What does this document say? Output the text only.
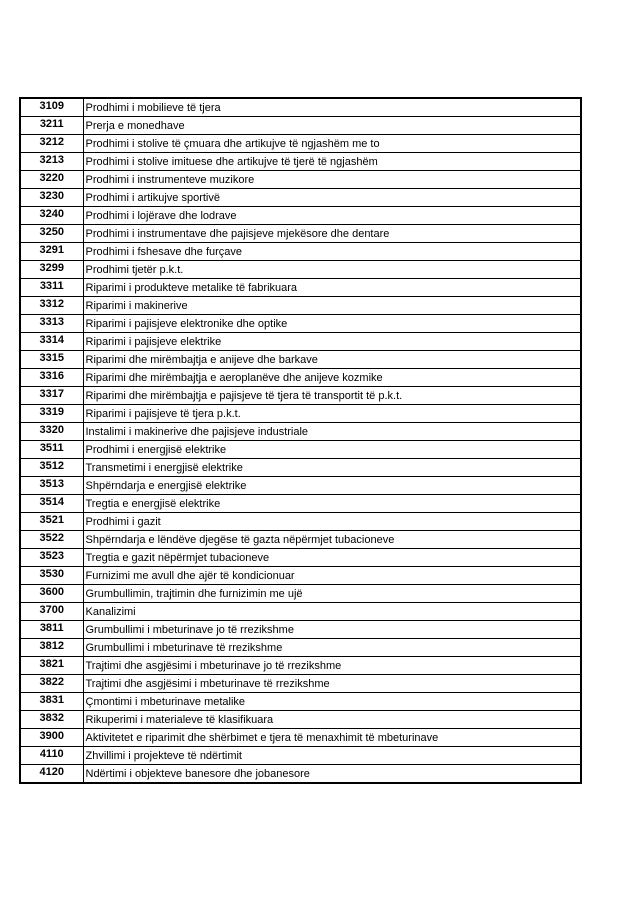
3109	Prodhimi i mobilieve të tjera
3211	Prerja e monedhave
3212	Prodhimi i stolive të çmuara dhe artikujve të ngjashëm me to
3213	Prodhimi i stolive imituese dhe artikujve të tjerë të ngjashëm
3220	Prodhimi i instrumenteve muzikore
3230	Prodhimi i artikujve sportivë
3240	Prodhimi i lojërave dhe lodrave
3250	Prodhimi i instrumentave dhe pajisjeve mjekësore dhe dentare
3291	Prodhimi i fshesave dhe furçave
3299	Prodhimi tjetër p.k.t.
3311	Riparimi i produkteve metalike të fabrikuara
3312	Riparimi i makinerive
3313	Riparimi i pajisjeve elektronike dhe optike
3314	Riparimi i pajisjeve elektrike
3315	Riparimi dhe mirëmbajtja e anijeve dhe barkave
3316	Riparimi dhe mirëmbajtja e aeroplanëve dhe anijeve kozmike
3317	Riparimi dhe mirëmbajtja e pajisjeve të tjera të transportit të p.k.t.
3319	Riparimi i pajisjeve të tjera p.k.t.
3320	Instalimi i makinerive dhe pajisjeve industriale
3511	Prodhimi i energjisë elektrike
3512	Transmetimi i energjisë elektrike
3513	Shpërndarja e energjisë elektrike
3514	Tregtia e energjisë elektrike
3521	Prodhimi i gazit
3522	Shpërndarja e lëndëve djegëse të gazta nëpërmjet tubacioneve
3523	Tregtia e gazit nëpërmjet tubacioneve
3530	Furnizimi me avull dhe ajër të kondicionuar
3600	Grumbullimin, trajtimin dhe furnizimin me ujë
3700	Kanalizimi
3811	Grumbullimi i mbeturinave jo të rrezikshme
3812	Grumbullimi i mbeturinave të rrezikshme
3821	Trajtimi dhe asgjësimi i mbeturinave jo të rrezikshme
3822	Trajtimi dhe asgjësimi i mbeturinave të rrezikshme
3831	Çmontimi i mbeturinave metalike
3832	Rikuperimi i materialeve të klasifikuara
3900	Aktivitetet e riparimit dhe shërbimet e tjera të menaxhimit të mbeturinave
4110	Zhvillimi i projekteve të ndërtimit
4120	Ndërtimi i objekteve banesore dhe jobanesore
